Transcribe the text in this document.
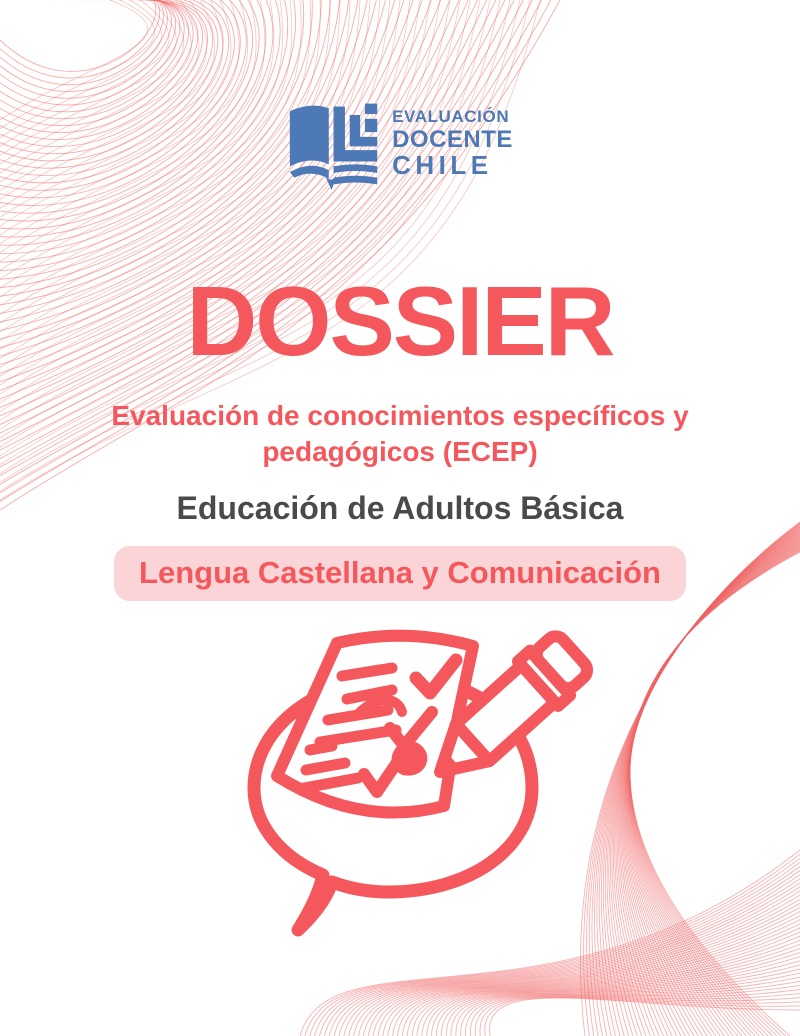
EVALUACIÓN
DOCENTE
CHILE
DOSSIER
Evaluación de conocimientos específicos y
pedagógicos (ECEP)
Educación de Adultos Básica
Lengua Castellana y Comunicación
